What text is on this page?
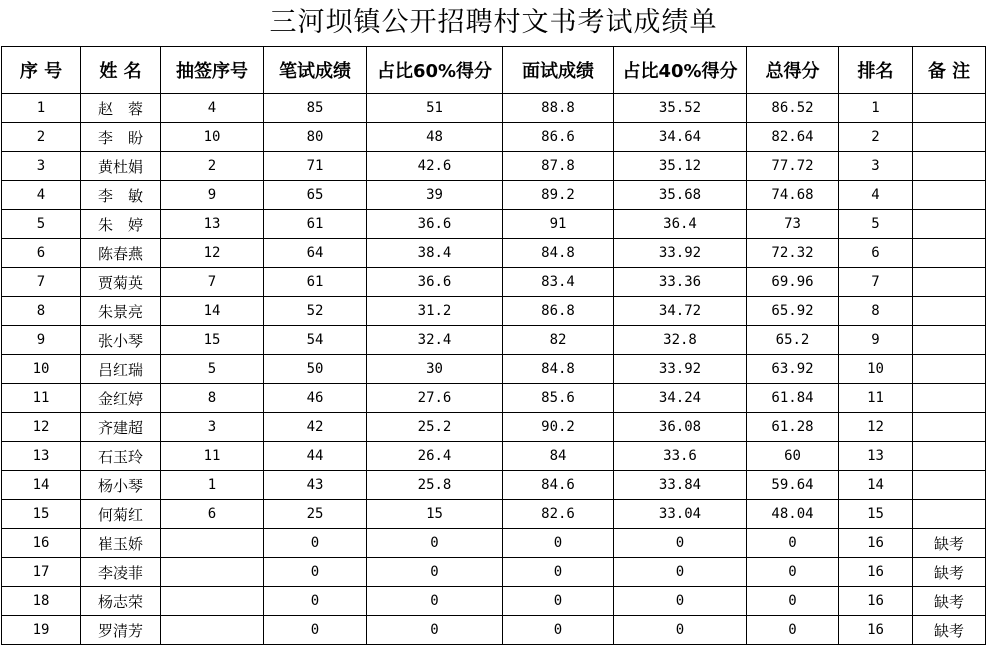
三河坝镇公开招聘村文书考试成绩单
序 号	姓 名	抽签序号	笔试成绩	占比60%得分	面试成绩	占比40%得分	总得分	排名	备 注
1	赵　蓉	4	85	51	88.8	35.52	86.52	1	
2	李　盼	10	80	48	86.6	34.64	82.64	2	
3	黄杜娟	2	71	42.6	87.8	35.12	77.72	3	
4	李　敏	9	65	39	89.2	35.68	74.68	4	
5	朱　婷	13	61	36.6	91	36.4	73	5	
6	陈春燕	12	64	38.4	84.8	33.92	72.32	6	
7	贾菊英	7	61	36.6	83.4	33.36	69.96	7	
8	朱景亮	14	52	31.2	86.8	34.72	65.92	8	
9	张小琴	15	54	32.4	82	32.8	65.2	9	
10	吕红瑞	5	50	30	84.8	33.92	63.92	10	
11	金红婷	8	46	27.6	85.6	34.24	61.84	11	
12	齐建超	3	42	25.2	90.2	36.08	61.28	12	
13	石玉玲	11	44	26.4	84	33.6	60	13	
14	杨小琴	1	43	25.8	84.6	33.84	59.64	14	
15	何菊红	6	25	15	82.6	33.04	48.04	15	
16	崔玉娇		0	0	0	0	0	16	缺考
17	李凌菲		0	0	0	0	0	16	缺考
18	杨志荣		0	0	0	0	0	16	缺考
19	罗清芳		0	0	0	0	0	16	缺考
